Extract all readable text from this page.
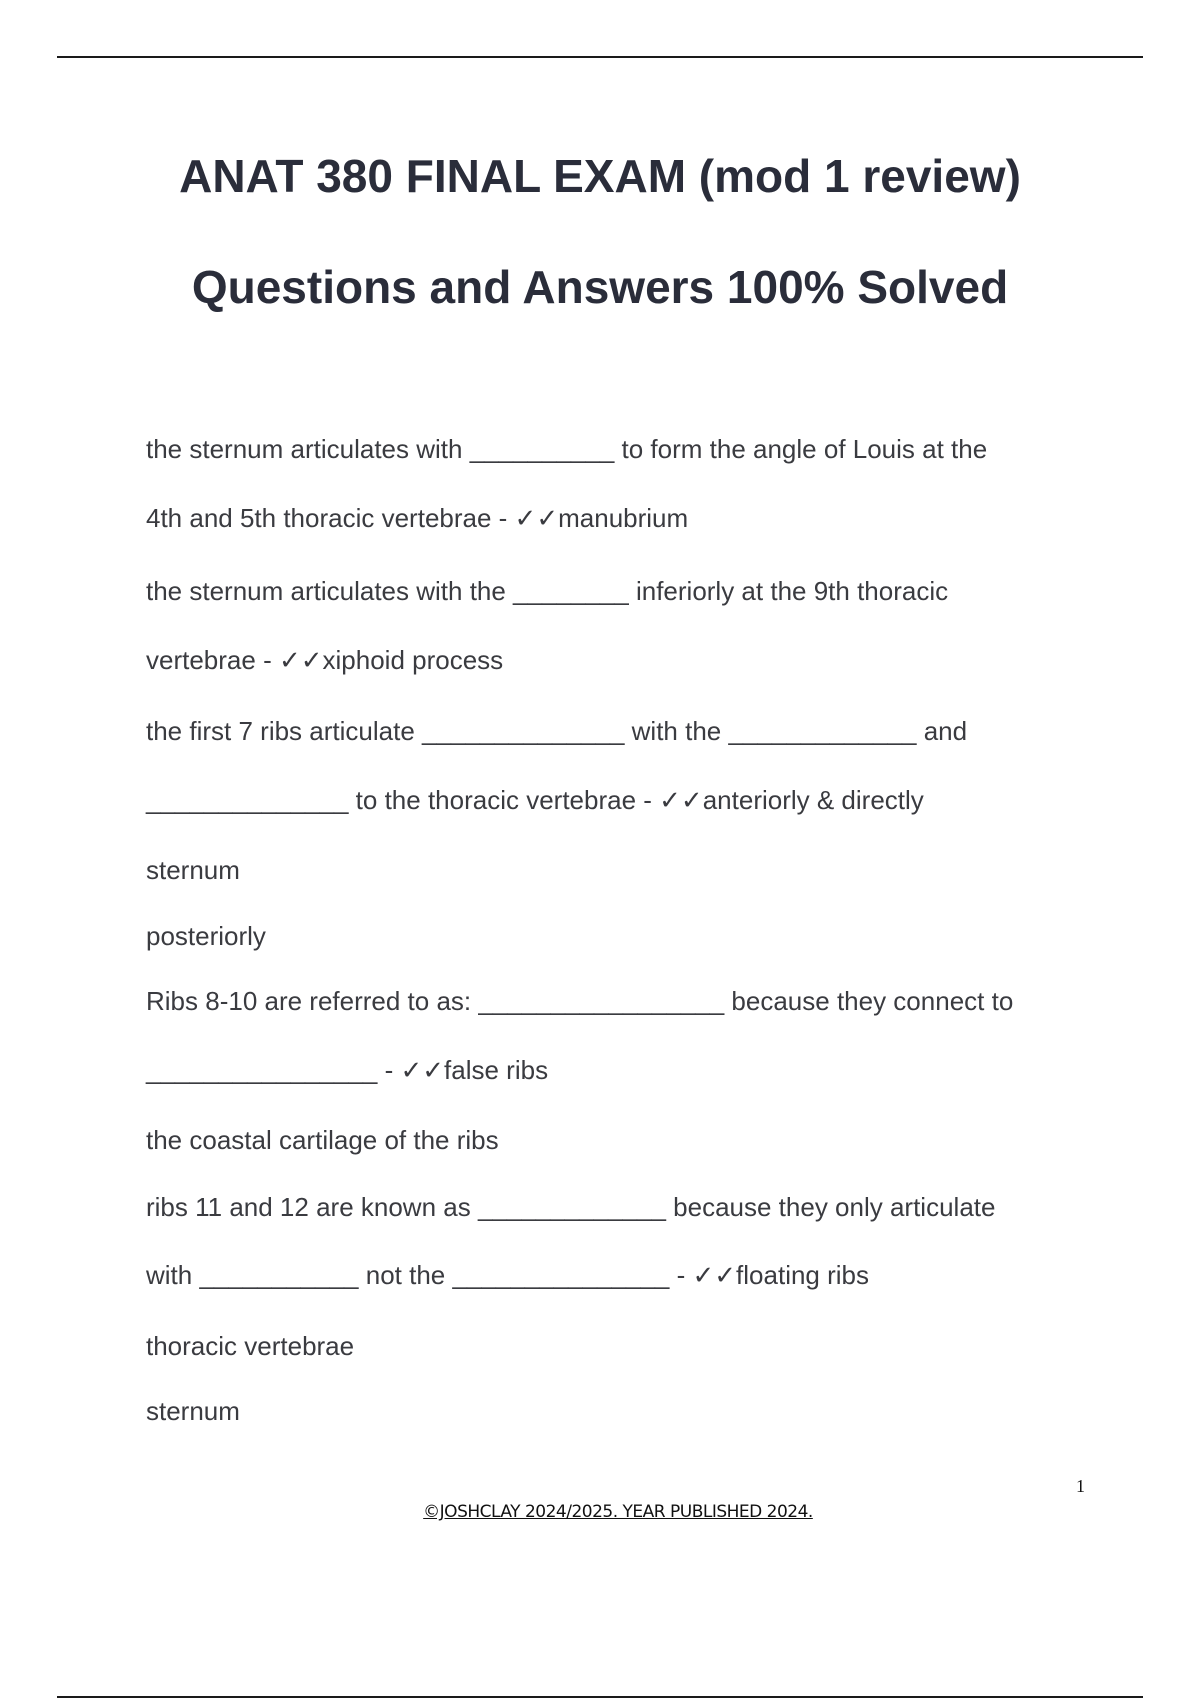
ANAT 380 FINAL EXAM (mod 1 review)
Questions and Answers 100% Solved
the sternum articulates with __________ to form the angle of Louis at the
4th and 5th thoracic vertebrae - ✓✓manubrium
the sternum articulates with the ________ inferiorly at the 9th thoracic
vertebrae - ✓✓xiphoid process
the first 7 ribs articulate ______________ with the _____________ and
______________ to the thoracic vertebrae - ✓✓anteriorly & directly
sternum
posteriorly
Ribs 8-10 are referred to as: _________________ because they connect to
________________ - ✓✓false ribs
the coastal cartilage of the ribs
ribs 11 and 12 are known as _____________ because they only articulate
with ___________ not the _______________ - ✓✓floating ribs
thoracic vertebrae
sternum
1
©JOSHCLAY 2024/2025. YEAR PUBLISHED 2024.
